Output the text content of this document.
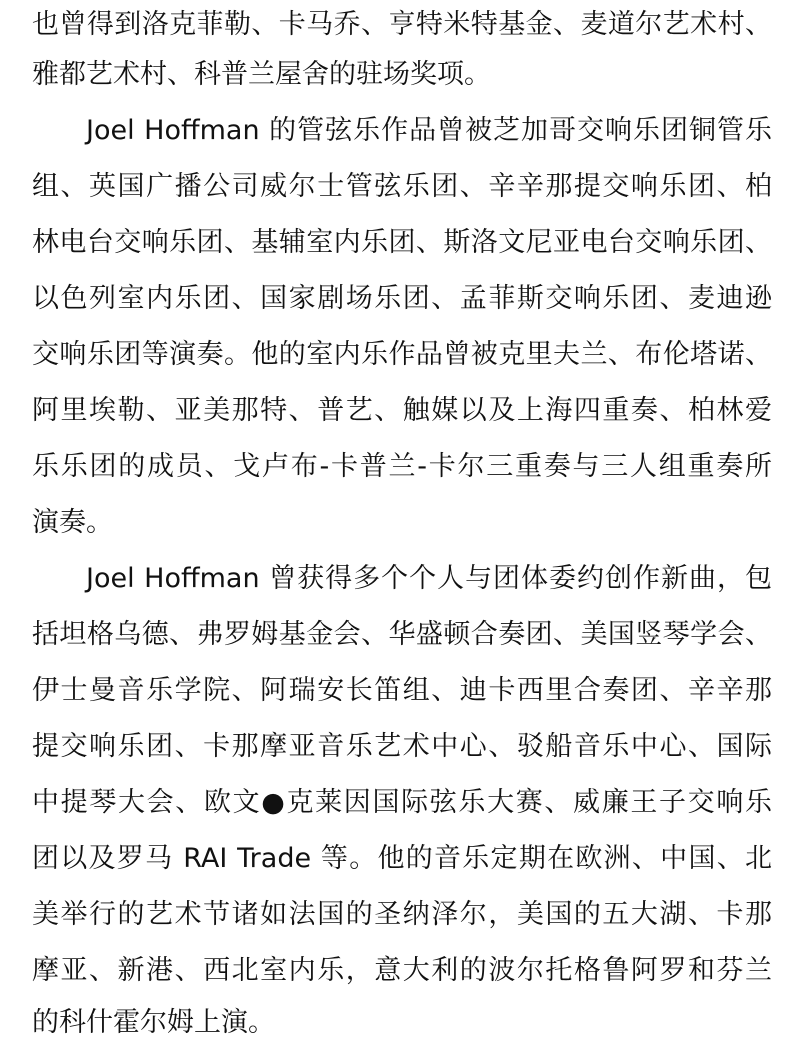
也曾得到洛克菲勒、卡马乔、亨特米特基金、麦道尔艺术村、
雅都艺术村、科普兰屋舍的驻场奖项。
Joel Hoffman 的管弦乐作品曾被芝加哥交响乐团铜管乐
组、英国广播公司威尔士管弦乐团、辛辛那提交响乐团、柏
林电台交响乐团、基辅室内乐团、斯洛文尼亚电台交响乐团、
以色列室内乐团、国家剧场乐团、孟菲斯交响乐团、麦迪逊
交响乐团等演奏。他的室内乐作品曾被克里夫兰、布伦塔诺、
阿里埃勒、亚美那特、普艺、触媒以及上海四重奏、柏林爱
乐乐团的成员、戈卢布-卡普兰-卡尔三重奏与三人组重奏所
演奏。
Joel Hoffman 曾获得多个个人与团体委约创作新曲，包
括坦格乌德、弗罗姆基金会、华盛顿合奏团、美国竖琴学会、
伊士曼音乐学院、阿瑞安长笛组、迪卡西里合奏团、辛辛那
提交响乐团、卡那摩亚音乐艺术中心、驳船音乐中心、国际
中提琴大会、欧文●克莱因国际弦乐大赛、威廉王子交响乐
团以及罗马 RAI Trade 等。他的音乐定期在欧洲、中国、北
美举行的艺术节诸如法国的圣纳泽尔，美国的五大湖、卡那
摩亚、新港、西北室内乐，意大利的波尔托格鲁阿罗和芬兰
的科什霍尔姆上演。
